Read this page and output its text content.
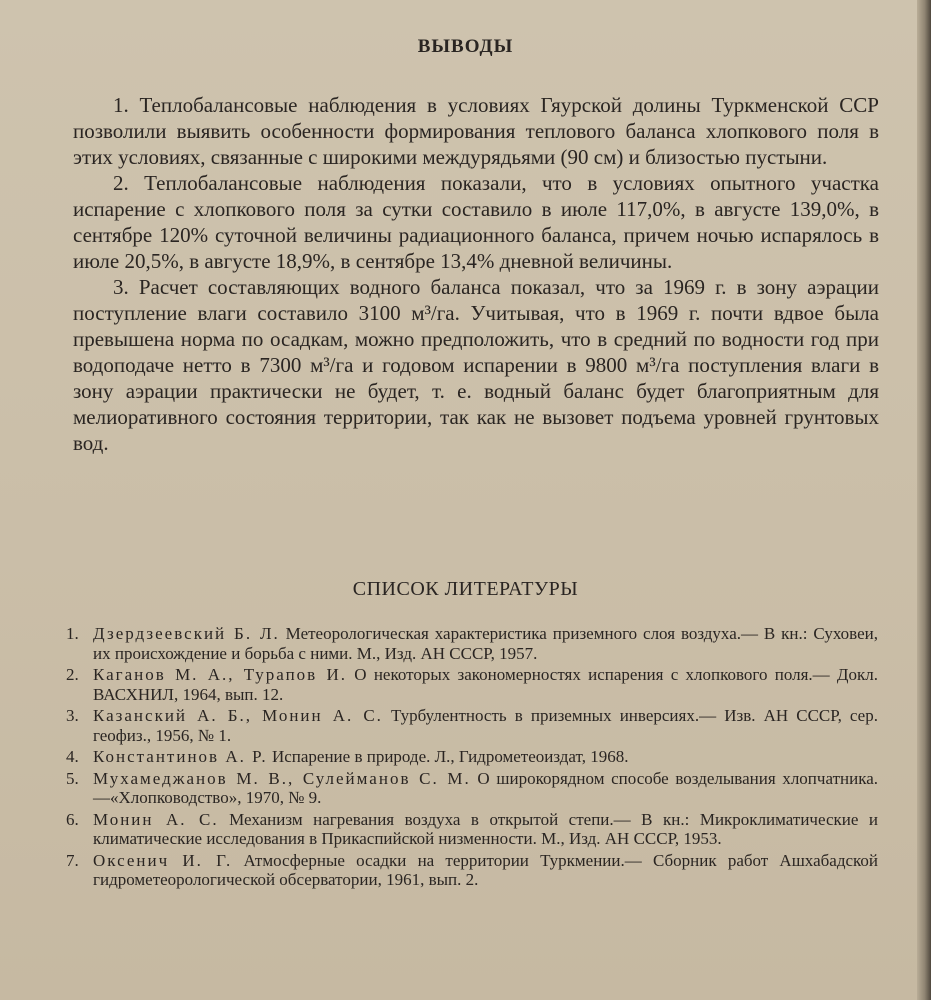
ВЫВОДЫ

1. Теплобалансовые наблюдения в условиях Гяурской долины Туркменской ССР позволили выявить особенности формирования теплового баланса хлопкового поля в этих условиях, связанные с широкими междурядьями (90 см) и близостью пустыни.

2. Теплобалансовые наблюдения показали, что в условиях опытного участка испарение с хлопкового поля за сутки составило в июле 117,0%, в августе 139,0%, в сентябре 120% суточной величины радиационного баланса, причем ночью испарялось в июле 20,5%, в августе 18,9%, в сентябре 13,4% дневной величины.

3. Расчет составляющих водного баланса показал, что за 1969 г. в зону аэрации поступление влаги составило 3100 м³/га. Учитывая, что в 1969 г. почти вдвое была превышена норма по осадкам, можно предположить, что в средний по водности год при водоподаче нетто в 7300 м³/га и годовом испарении в 9800 м³/га поступления влаги в зону аэрации практически не будет, т. е. водный баланс будет благоприятным для мелиоративного состояния территории, так как не вызовет подъема уровней грунтовых вод.

СПИСОК ЛИТЕРАТУРЫ
1. Дзердзеевский Б. Л. Метеорологическая характеристика приземного слоя воздуха.— В кн.: Суховеи, их происхождение и борьба с ними. М., Изд. АН СССР, 1957.
2. Каганов М. А., Турапов И. О некоторых закономерностях испарения с хлопкового поля.— Докл. ВАСХНИЛ, 1964, вып. 12.
3. Казанский А. Б., Монин А. С. Турбулентность в приземных инверсиях.— Изв. АН СССР, сер. геофиз., 1956, № 1.
4. Константинов А. Р. Испарение в природе. Л., Гидрометеоиздат, 1968.
5. Мухамеджанов М. В., Сулейманов С. М. О широкорядном способе возделывания хлопчатника.—«Хлопководство», 1970, № 9.
6. Монин А. С. Механизм нагревания воздуха в открытой степи.— В кн.: Микроклиматические и климатические исследования в Прикаспийской низменности. М., Изд. АН СССР, 1953.
7. Оксенич И. Г. Атмосферные осадки на территории Туркмении.— Сборник работ Ашхабадской гидрометеорологической обсерватории, 1961, вып. 2.
